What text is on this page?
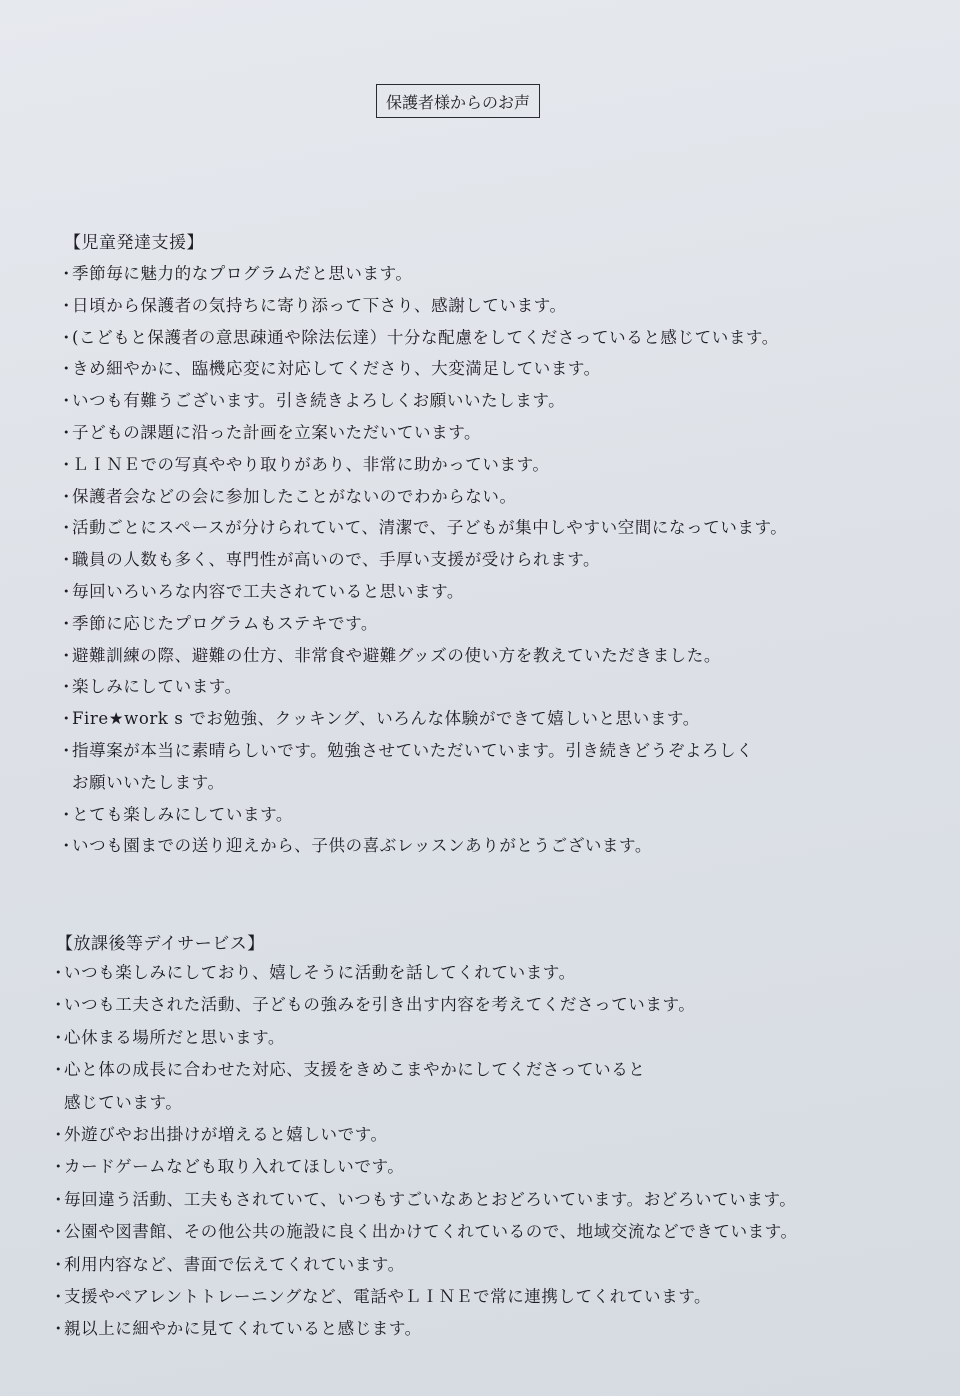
保護者様からのお声
【児童発達支援】
・季節毎に魅力的なプログラムだと思います。
・日頃から保護者の気持ちに寄り添って下さり、感謝しています。
・(こどもと保護者の意思疎通や除法伝達）十分な配慮をしてくださっていると感じています。
・きめ細やかに、臨機応変に対応してくださり、大変満足しています。
・いつも有難うございます。引き続きよろしくお願いいたします。
・子どもの課題に沿った計画を立案いただいています。
・ＬＩＮＥでの写真ややり取りがあり、非常に助かっています。
・保護者会などの会に参加したことがないのでわからない。
・活動ごとにスペースが分けられていて、清潔で、子どもが集中しやすい空間になっています。
・職員の人数も多く、専門性が高いので、手厚い支援が受けられます。
・毎回いろいろな内容で工夫されていると思います。
・季節に応じたプログラムもステキです。
・避難訓練の際、避難の仕方、非常食や避難グッズの使い方を教えていただきました。
・楽しみにしています。
・Fire★work s でお勉強、クッキング、いろんな体験ができて嬉しいと思います。
・指導案が本当に素晴らしいです。勉強させていただいています。引き続きどうぞよろしく
お願いいたします。
・とても楽しみにしています。
・いつも園までの送り迎えから、子供の喜ぶレッスンありがとうございます。
【放課後等デイサービス】
・いつも楽しみにしており、嬉しそうに活動を話してくれています。
・いつも工夫された活動、子どもの強みを引き出す内容を考えてくださっています。
・心休まる場所だと思います。
・心と体の成長に合わせた対応、支援をきめこまやかにしてくださっていると
感じています。
・外遊びやお出掛けが増えると嬉しいです。
・カードゲームなども取り入れてほしいです。
・毎回違う活動、工夫もされていて、いつもすごいなあとおどろいています。おどろいています。
・公園や図書館、その他公共の施設に良く出かけてくれているので、地域交流などできています。
・利用内容など、書面で伝えてくれています。
・支援やペアレントトレーニングなど、電話やＬＩＮＥで常に連携してくれています。
・親以上に細やかに見てくれていると感じます。
